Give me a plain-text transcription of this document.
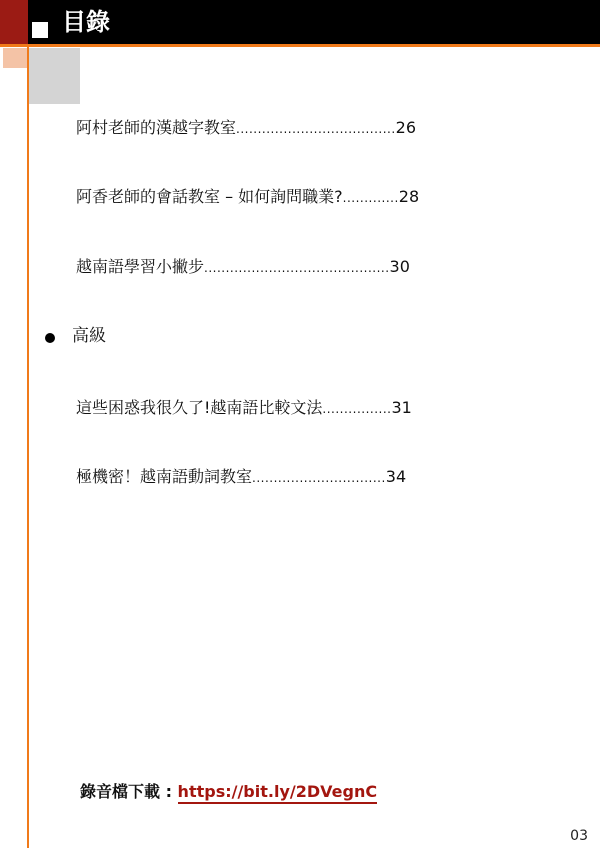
目錄
阿村老師的漢越字教室.....................................26
阿香老師的會話教室 – 如何詢問職業?.............28
越南語學習小撇步...........................................30
高級
這些困惑我很久了!越南語比較文法................31
極機密！越南語動詞教室...............................34
錄音檔下載 : https://bit.ly/2DVegnC
03
